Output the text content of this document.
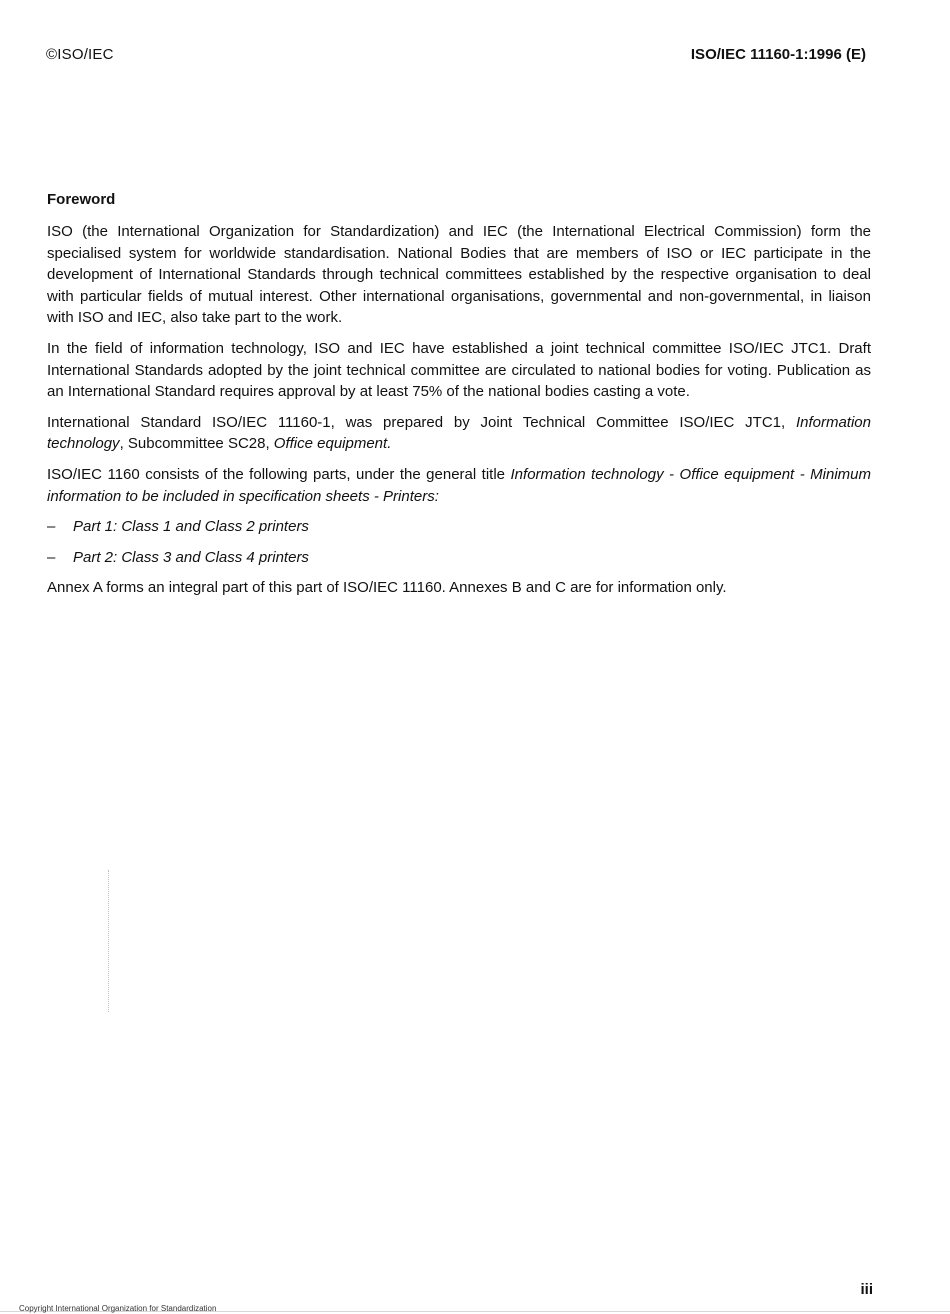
©ISO/IEC	ISO/IEC 11160-1:1996 (E)
Foreword

ISO (the International Organization for Standardization) and IEC (the International Electrical Commission) form the specialised system for worldwide standardisation. National Bodies that are members of ISO or IEC participate in the development of International Standards through technical committees established by the respective organisation to deal with particular fields of mutual interest. Other international organisations, governmental and non-governmental, in liaison with ISO and IEC, also take part to the work.

In the field of information technology, ISO and IEC have established a joint technical committee ISO/IEC JTC1. Draft International Standards adopted by the joint technical committee are circulated to national bodies for voting. Publication as an International Standard requires approval by at least 75% of the national bodies casting a vote.

International Standard ISO/IEC 11160-1, was prepared by Joint Technical Committee ISO/IEC JTC1, Information technology, Subcommittee SC28, Office equipment.

ISO/IEC 1160 consists of the following parts, under the general title Information technology - Office equipment - Minimum information to be included in specification sheets - Printers:

–	Part 1: Class 1 and Class 2 printers
–	Part 2: Class 3 and Class 4 printers

Annex A forms an integral part of this part of ISO/IEC 11160. Annexes B and C are for information only.

iii
Copyright International Organization for Standardization
